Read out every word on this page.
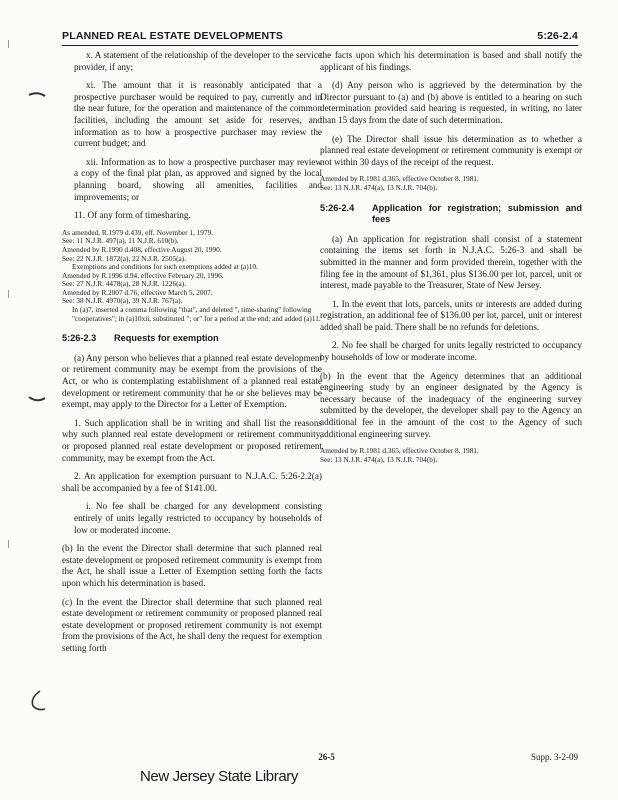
PLANNED REAL ESTATE DEVELOPMENTS	5:26-2.4

x. A statement of the relationship of the developer to the service provider, if any;

xi. The amount that it is reasonably anticipated that a prospective purchaser would be required to pay, currently and in the near future, for the operation and maintenance of the common facilities, including the amount set aside for reserves, and information as to how a prospective purchaser may review the current budget; and

xii. Information as to how a prospective purchaser may review a copy of the final plat plan, as approved and signed by the local planning board, showing all amenities, facilities and improvements; or

11. Of any form of timesharing.

As amended, R.1979 d.439, eff. November 1, 1979.
See: 11 N.J.R. 497(a), 11 N.J.R. 610(b).
Amended by R.1990 d.408, effective August 20, 1990.
See: 22 N.J.R. 1872(a), 22 N.J.R. 2505(a).
Exemptions and conditions for such exemptions added at (a)10.
Amended by R.1996 d.94, effective February 20, 1996.
See: 27 N.J.R. 4478(a), 28 N.J.R. 1226(a).
Amended by R.2007 d.76, effective March 5, 2007.
See: 38 N.J.R. 4970(a), 39 N.J.R. 767(a).
In (a)7, inserted a comma following "that", and deleted ", time-sharing" following "cooperatives"; in (a)10xii, substituted "; or" for a period at the end; and added (a)11.
5:26-2.3	Requests for exemption

(a) Any person who believes that a planned real estate development or retirement community may be exempt from the provisions of the Act, or who is contemplating establishment of a planned real estate development or retirement community that he or she believes may be exempt, may apply to the Director for a Letter of Exemption.

1. Such application shall be in writing and shall list the reasons why such planned real estate development or retirement community, or proposed planned real estate development or proposed retirement community, may be exempt from the Act.

2. An application for exemption pursuant to N.J.A.C. 5:26-2.2(a) shall be accompanied by a fee of $141.00.

i. No fee shall be charged for any development consisting entirely of units legally restricted to occupancy by households of low or moderated income.

(b) In the event the Director shall determine that such planned real estate development or proposed retirement community is exempt from the Act, he shall issue a Letter of Exemption setting forth the facts upon which his determination is based.

(c) In the event the Director shall determine that such planned real estate development or retirement community or proposed planned real estate development or proposed retirement community is not exempt from the provisions of the Act, he shall deny the request for exemption setting forth

the facts upon which his determination is based and shall notify the applicant of his findings.

(d) Any person who is aggrieved by the determination by the Director pursuant to (a) and (b) above is entitled to a hearing on such determination provided said hearing is requested, in writing, no later than 15 days from the date of such determination.

(e) The Director shall issue his determination as to whether a planned real estate development or retirement community is exempt or not within 30 days of the receipt of the request.

Amended by R.1981 d.365, effective October 8, 1981.
See: 13 N.J.R. 474(a), 13 N.J.R. 704(b).
5:26-2.4	Application for registration; submission and fees

(a) An application for registration shall consist of a statement containing the items set forth in N.J.A.C. 5:26-3 and shall be submitted in the manner and form provided therein, together with the filing fee in the amount of $1,361, plus $136.00 per lot, parcel, unit or interest, made payable to the Treasurer, State of New Jersey.

1. In the event that lots, parcels, units or interests are added during registration, an additional fee of $136.00 per lot, parcel, unit or interest added shall be paid. There shall be no refunds for deletions.

2. No fee shall be charged for units legally restricted to occupancy by households of low or moderate income.

(b) In the event that the Agency determines that an additional engineering study by an engineer designated by the Agency is necessary because of the inadequacy of the engineering survey submitted by the developer, the developer shall pay to the Agency an additional fee in the amount of the cost to the Agency of such additional engineering survey.

Amended by R.1981 d.365, effective October 8, 1981.
See: 13 N.J.R. 474(a), 13 N.J.R. 704(b).
26-5	Supp. 3-2-09
New Jersey State Library
